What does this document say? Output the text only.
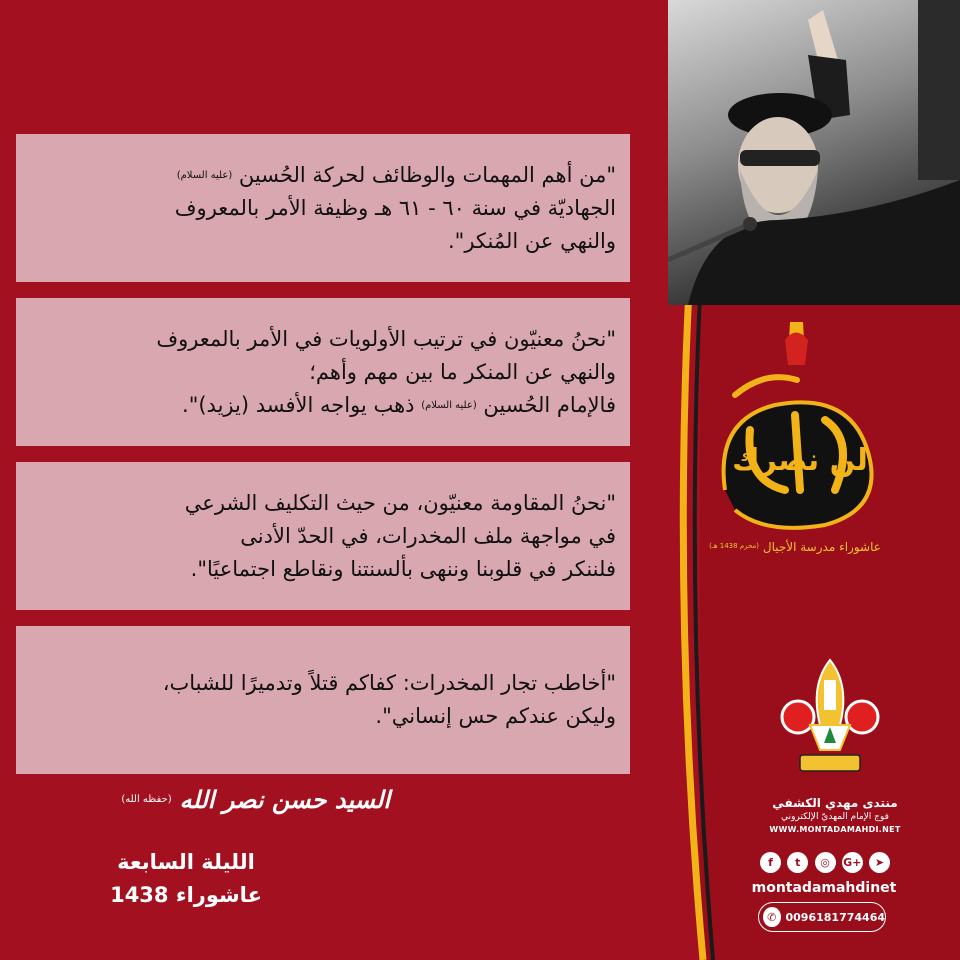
"من أهم المهمات والوظائف لحركة الحُسين (عليه السلام)
الجهاديّة في سنة ٦٠ - ٦١ هـ وظيفة الأمر بالمعروف
والنهي عن المُنكر".
"نحنُ معنيّون في ترتيب الأولويات في الأمر بالمعروف
والنهي عن المنكر ما بين مهم وأهم؛
فالإمام الحُسين (عليه السلام) ذهب يواجه الأفسد (يزيد)".
"نحنُ المقاومة معنيّون، من حيث التكليف الشرعي
في مواجهة ملف المخدرات، في الحدّ الأدنى
فلننكر في قلوبنا وننهى بألسنتنا ونقاطع اجتماعيًا".
"أخاطب تجار المخدرات: كفاكم قتلاً وتدميرًا للشباب،
وليكن عندكم حس إنساني".
السيد حسن نصر الله$^{(حفظه الله)}$
الليلة السابعة
عاشوراء 1438
لن نصرك
عاشوراء مدرسة الأجيال $^{(محرم 1438 هـ)}$
منتدى مهدي الكشفي
فوج الإمام المهديّ الإلكتروني
WWW.MONTADAMAHDI.NET
f	t	◎	G+	➤
montadamahdinet
✆ 0096181774464
